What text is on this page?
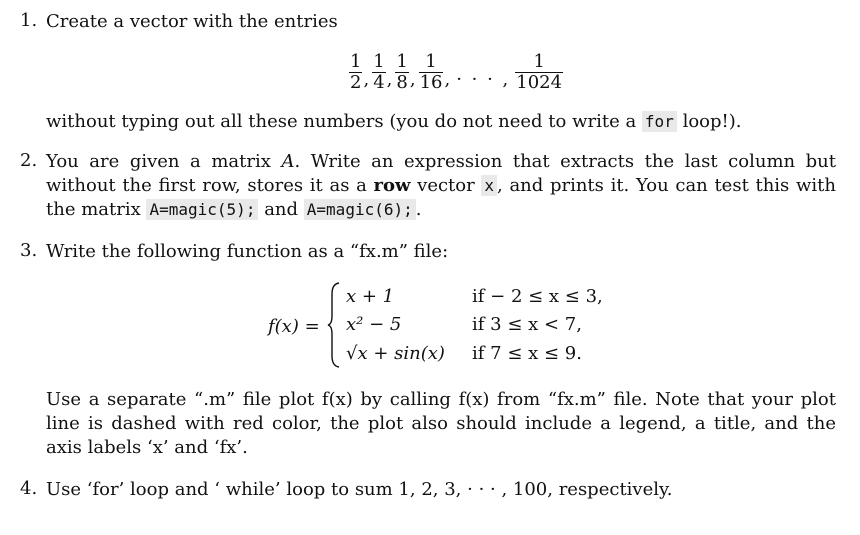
1. Create a vector with the entries
$\frac{1}{2}$ , $\frac{1}{4}$ , $\frac{1}{8}$ , $\frac{1}{16}$ , · · · , $\frac{1}{1024}$
without typing out all these numbers (you do not need to write a for loop!).
2. You are given a matrix A. Write an expression that extracts the last column but without the first row, stores it as a row vector x , and prints it. You can test this with the matrix A=magic(5); and A=magic(6); .
3. Write the following function as a “fx.m” file:
f(x) =
x + 1
x² − 5
√x + sin(x)
if − 2 ≤ x ≤ 3,
if 3 ≤ x < 7,
if 7 ≤ x ≤ 9.
Use a separate “.m” file plot f(x) by calling f(x) from “fx.m” file. Note that your plot line is dashed with red color, the plot also should include a legend, a title, and the axis labels ‘x’ and ‘fx’.
4. Use ‘for’ loop and ‘ while’ loop to sum 1, 2, 3, · · · , 100, respectively.
